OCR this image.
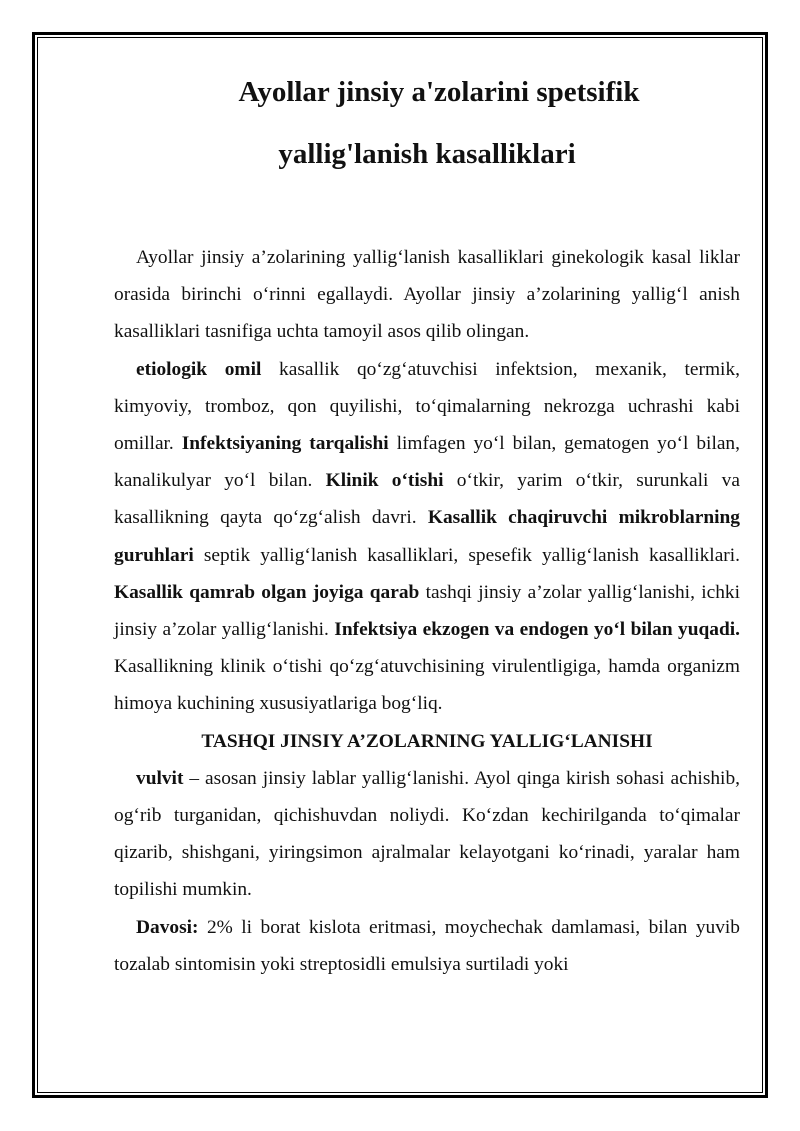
Ayollar jinsiy a'zolarini spetsifik
yallig'lanish kasalliklari

Ayollar jinsiy a’zolarining yallig‘lanish kasalliklari ginekologik kasal liklar orasida birinchi o‘rinni egallaydi. Ayollar jinsiy a’zolarining yallig‘l anish kasalliklari tasnifiga uchta tamoyil asos qilib olingan.

etiologik omil kasallik qo‘zg‘atuvchisi infektsion, mexanik, termik, kimyoviy, tromboz, qon quyilishi, to‘qimalarning nekrozga uchrashi kabi omillar. Infektsiyaning tarqalishi limfagen yo‘l bilan, gematogen yo‘l bilan, kanalikulyar yo‘l bilan. Klinik o‘tishi o‘tkir, yarim o‘tkir, surunkali va kasallikning qayta qo‘zg‘alish davri. Kasallik chaqiruvchi mikroblarning guruhlari septik yallig‘lanish kasalliklari, spesefik yallig‘lanish kasalliklari. Kasallik qamrab olgan joyiga qarab tashqi jinsiy a’zolar yallig‘lanishi, ichki jinsiy a’zolar yallig‘lanishi. Infektsiya ekzogen va endogen yo‘l bilan yuqadi. Kasallikning klinik o‘tishi qo‘zg‘atuvchisining virulentligiga, hamda organizm himoya kuchining xususiyatlariga bog‘liq.

TASHQI JINSIY A’ZOLARNING YALLIG‘LANISHI

vulvit – asosan jinsiy lablar yallig‘lanishi. Ayol qinga kirish sohasi achishib, og‘rib turganidan, qichishuvdan noliydi. Ko‘zdan kechirilganda to‘qimalar qizarib, shishgani, yiringsimon ajralmalar kelayotgani ko‘rinadi, yaralar ham topilishi mumkin.

Davosi: 2% li borat kislota eritmasi, moychechak damlamasi, bilan yuvib tozalab sintomisin yoki streptosidli emulsiya surtiladi yoki
